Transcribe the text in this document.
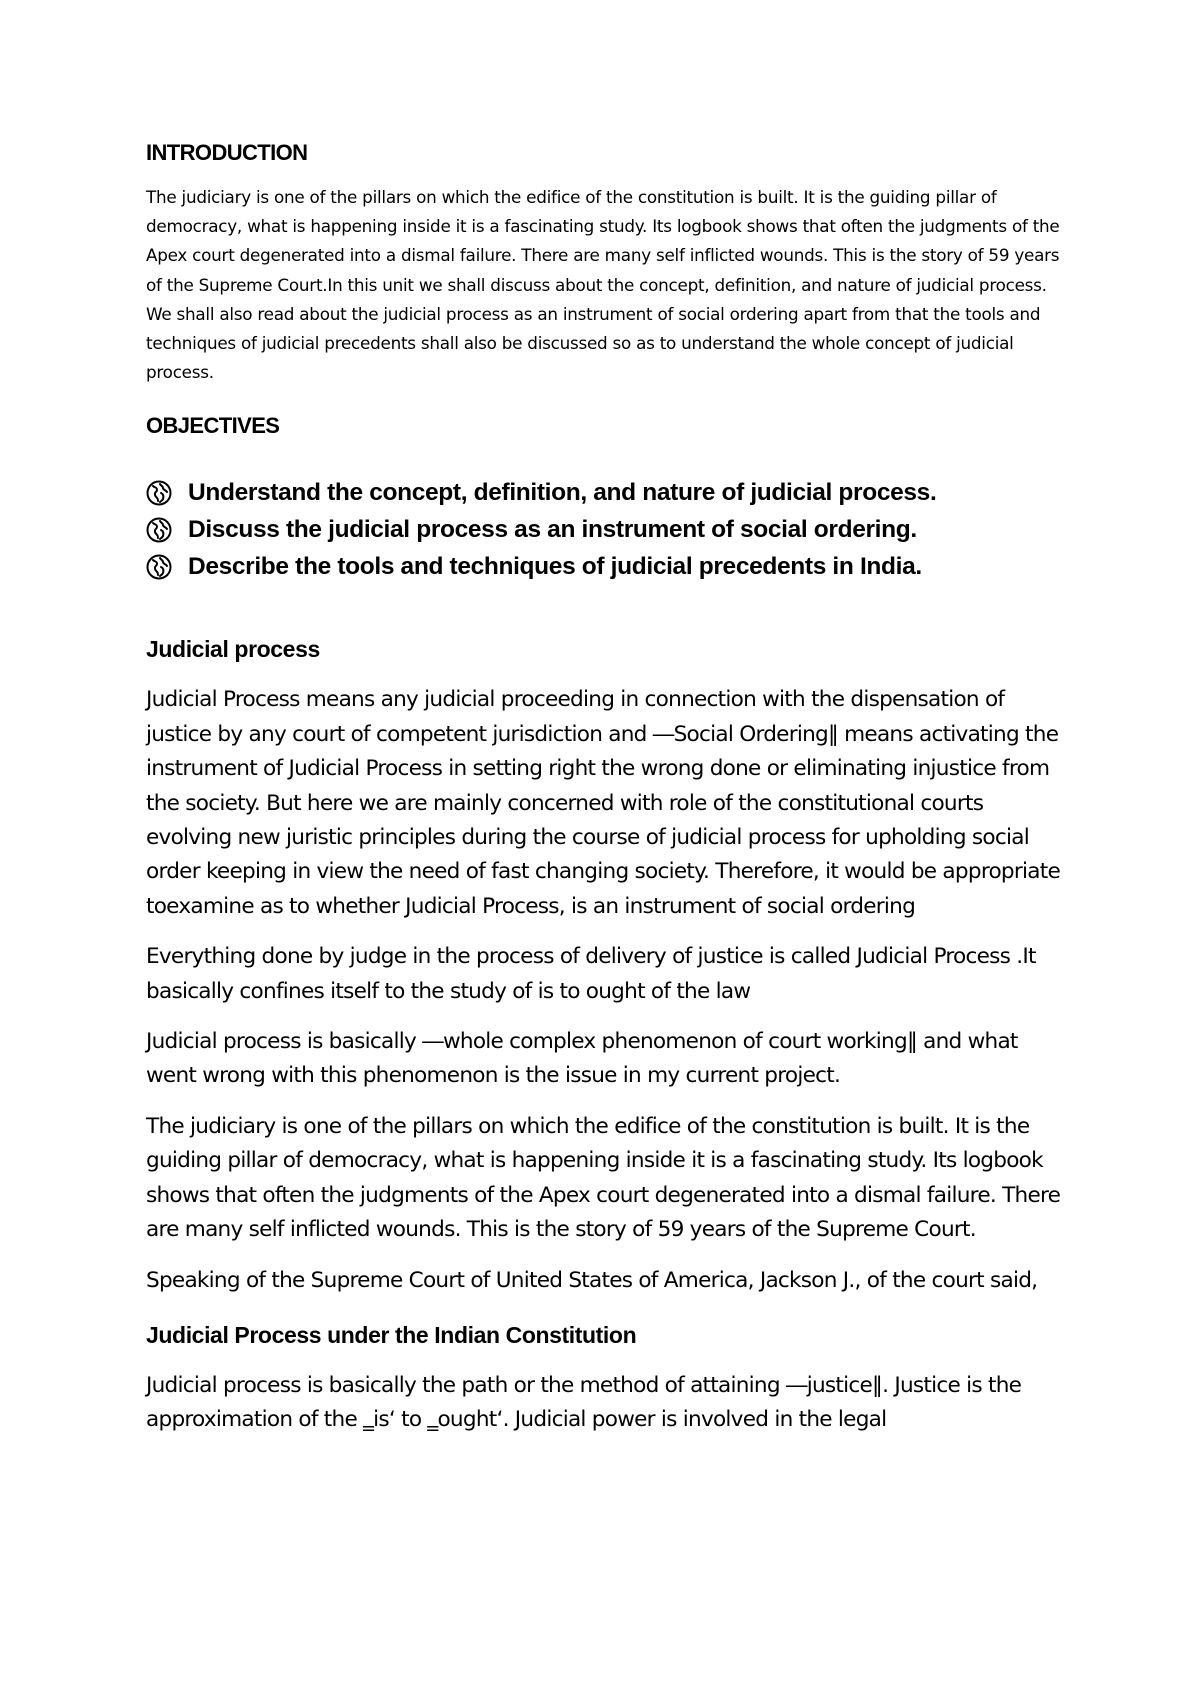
INTRODUCTION

The judiciary is one of the pillars on which the edifice of the constitution is built. It is the guiding pillar of democracy, what is happening inside it is a fascinating study. Its logbook shows that often the judgments of the Apex court degenerated into a dismal failure. There are many self inflicted wounds. This is the story of 59 years of the Supreme Court.In this unit we shall discuss about the concept, definition, and nature of judicial process. We shall also read about the judicial process as an instrument of social ordering apart from that the tools and techniques of judicial precedents shall also be discussed so as to understand the whole concept of judicial process.

OBJECTIVES
Understand the concept, definition, and nature of judicial process.
Discuss the judicial process as an instrument of social ordering.
Describe the tools and techniques of judicial precedents in India.
Judicial process

Judicial Process means any judicial proceeding in connection with the dispensation of justice by any court of competent jurisdiction and ―Social Ordering‖ means activating the instrument of Judicial Process in setting right the wrong done or eliminating injustice from the society. But here we are mainly concerned with role of the constitutional courts evolving new juristic principles during the course of judicial process for upholding social order keeping in view the need of fast changing society. Therefore, it would be appropriate toexamine as to whether Judicial Process, is an instrument of social ordering

Everything done by judge in the process of delivery of justice is called Judicial Process .It basically confines itself to the study of is to ought of the law

Judicial process is basically ―whole complex phenomenon of court working‖ and what went wrong with this phenomenon is the issue in my current project.

The judiciary is one of the pillars on which the edifice of the constitution is built. It is the guiding pillar of democracy, what is happening inside it is a fascinating study. Its logbook shows that often the judgments of the Apex court degenerated into a dismal failure. There are many self inflicted wounds. This is the story of 59 years of the Supreme Court.

Speaking of the Supreme Court of United States of America, Jackson J., of the court said,

Judicial Process under the Indian Constitution

Judicial process is basically the path or the method of attaining ―justice‖. Justice is the approximation of the ‗is‘ to ‗ought‘. Judicial power is involved in the legal
